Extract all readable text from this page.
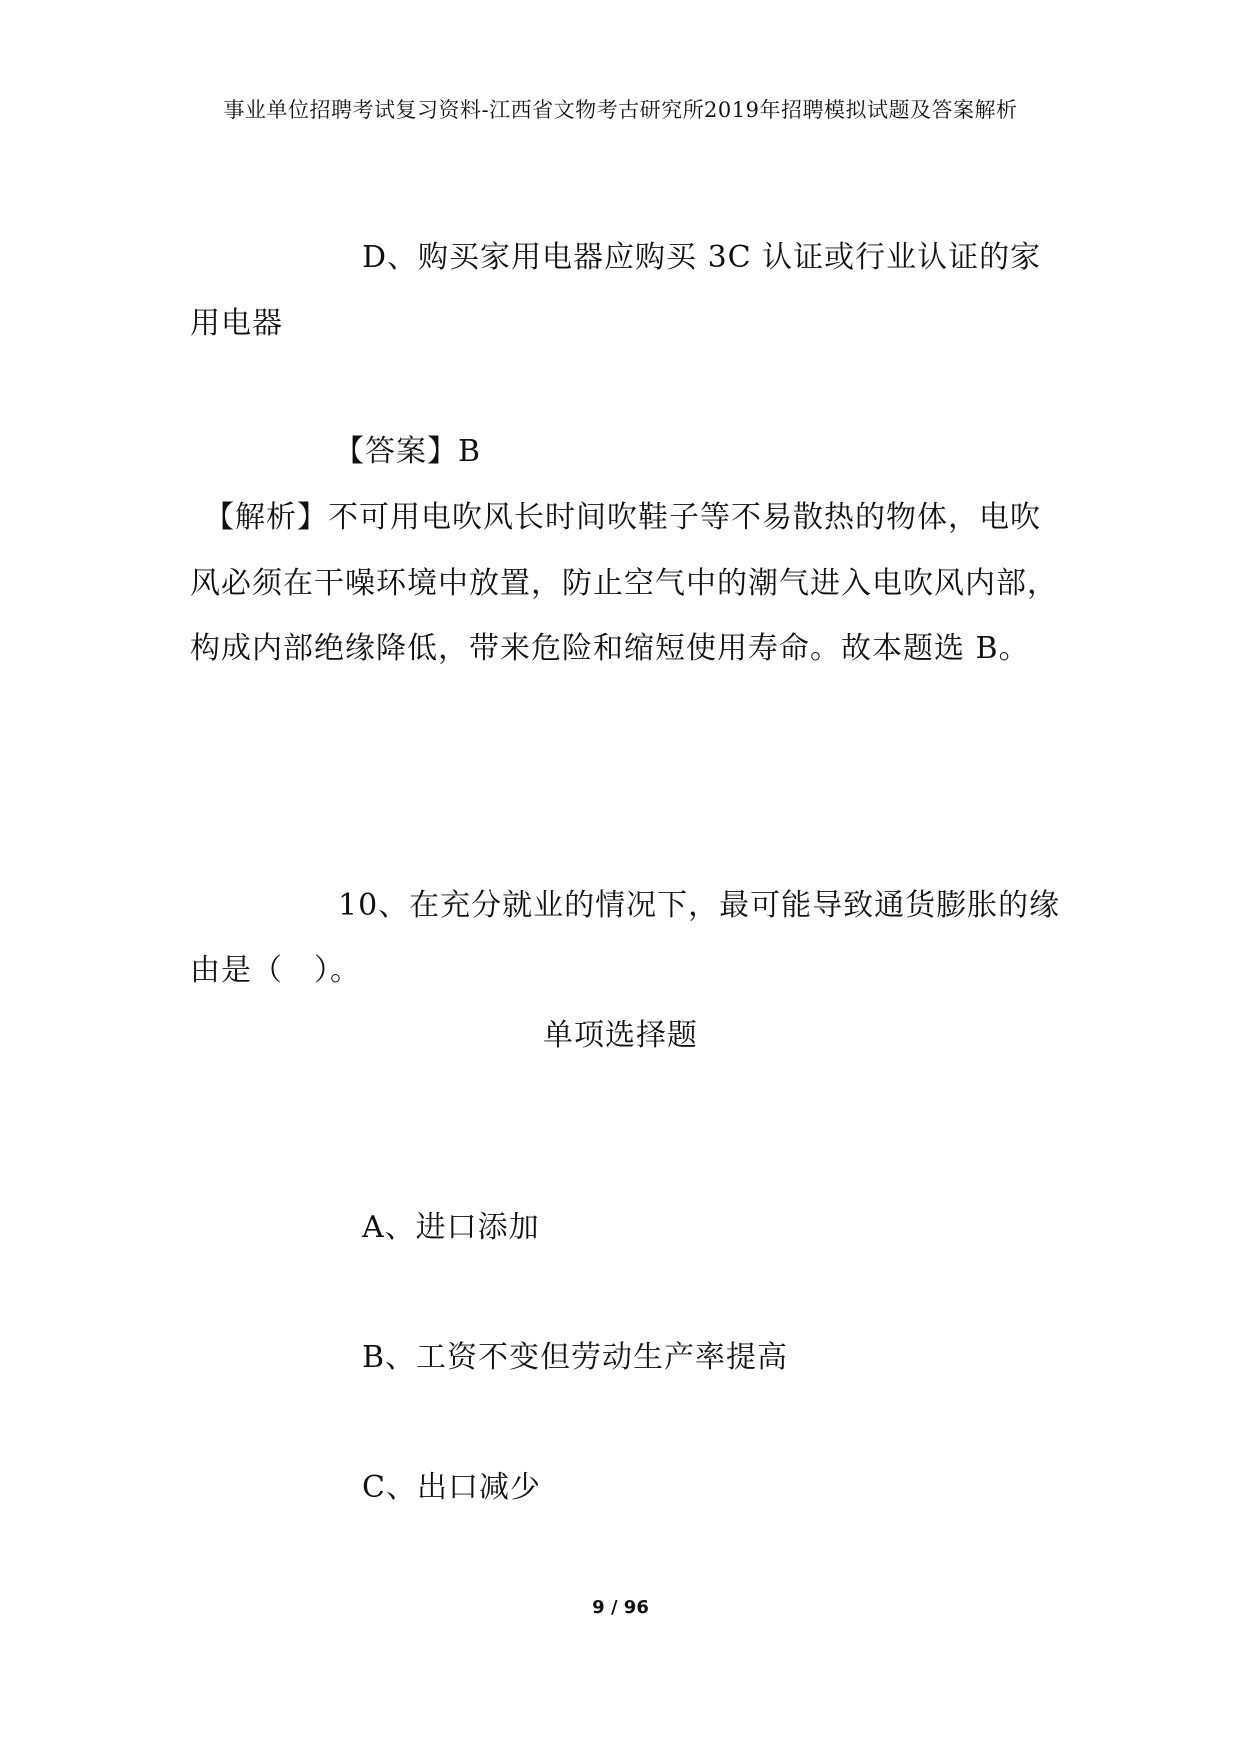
事业单位招聘考试复习资料-江西省文物考古研究所2019年招聘模拟试题及答案解析
D、购买家用电器应购买 3C 认证或行业认证的家
用电器
【答案】B
【解析】不可用电吹风长时间吹鞋子等不易散热的物体，电吹
风必须在干噪环境中放置，防止空气中的潮气进入电吹风内部，
构成内部绝缘降低，带来危险和缩短使用寿命。故本题选 B。
10、在充分就业的情况下，最可能导致通货膨胀的缘
由是（　）。
单项选择题
A、进口添加
B、工资不变但劳动生产率提高
C、出口减少
9 / 96
